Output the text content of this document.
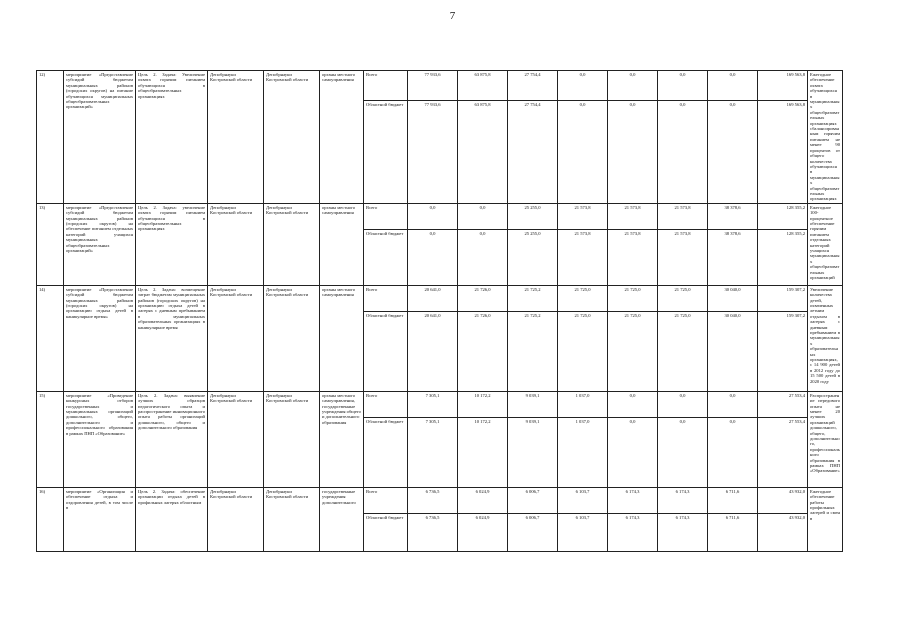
7
12)	мероприятие «Предоставление субсидий бюджетам муниципальных районов (городских округов) на питание обучающихся муниципальных общеобразовательных организаций»	Цель 2. Задача: Увеличение охвата горячим питанием обучающихся в общеобразовательных организациях	Депобрнауки Костромской области	Депобрнауки Костромской области	органы местного самоуправления	Всего	77 933,6	63 875,8	27 754,4	0,0	0,0	0,0	0,0	169 563,8	Ежегодное обеспечение охвата обучающихся в муниципальных общеобразовательных организациях сбалансированным горячим питанием не менее 90 процентов от общего количества обучающихся в муниципальных общеобразовательных организациях
						Областной бюджет	77 933,6	63 875,8	27 754,4	0,0	0,0	0,0	0,0	169 563,8	
13)	мероприятие «Предоставление субсидий бюджетам муниципальных районов (городских округов) на обеспечение питанием отдельных категорий учащихся муниципальных общеобразовательных организаций»	Цель 2. Задача: увеличение охвата горячим питанием обучающихся в общеобразовательных организациях	Депобрнауки Костромской области	Депобрнауки Костромской области	органы местного самоуправления	Всего	0,0	0,0	25 255,0	21 573,8	21 573,8	21 573,8	38 378,6	128 355,2	Ежегодное 100-процентное обеспечение горячим питанием отдельных категорий учащихся муниципальных общеобразовательных организаций
						Областной бюджет	0,0	0,0	25 255,0	21 573,8	21 573,8	21 573,8	38 378,6	128 355,2	
14)	мероприятие «Предоставление субсидий бюджетам муниципальных районов (городских округов) на организацию отдыха детей в каникулярное время»	Цель 2. Задача: возмещение затрат бюджетам муниципальных районов (городских округов) на организацию отдыха детей в лагерях с дневным пребыванием в муниципальных образовательных организациях в каникулярное время	Депобрнауки Костромской области	Депобрнауки Костромской области	органы местного самоуправления	Всего	20 641,0	21 726,0	21 725,2	21 725,0	21 725,0	21 725,0	30 040,0	159 307,2	Увеличение количества детей, охваченных летним отдыхом в лагерях с дневным пребыванием в муниципальных образовательных организациях, с 14 900 детей в 2012 году до 15 500 детей в 2020 году
						Областной бюджет	20 641,0	21 726,0	21 725,2	21 725,0	21 725,0	21 725,0	30 040,0	159 307,2	
15)	мероприятие «Проведение конкурсных отборов государственных и муниципальных организаций дошкольного, общего, дополнительного и профессионального образования в рамках ПНП «Образование»	Цель 2. Задача: выявление лучших образцов педагогического опыта и распространение инновационного опыта работы организаций дошкольного, общего и дополнительного образования	Депобрнауки Костромской области	Депобрнауки Костромской области	органы местного самоуправления, государственные учреждения общего и дополнительного образования	Всего	7 305,1	10 172,2	9 039,1	1 037,0	0,0	0,0	0,0	27 553,4	Распространение передового опыта не менее 20 лучших организаций дошкольного, общего, дополнительного, профессионального образования в рамках ПНП «Образование»
						Областной бюджет	7 305,1	10 172,2	9 039,1	1 037,0	0,0	0,0	0,0	27 553,4	
16)	мероприятие «Организация и обеспечение отдыха и оздоровления детей, в том числе в	Цель 2. Задача: обеспечение организации отдыха детей в профильных лагерях областным	Депобрнауки Костромской области	Депобрнауки Костромской области	государственные учреждения дополнительного	Всего	6 736,5	6 024,9	6 006,7	6 103,7	6 174,3	6 174,3	6 711,6	43 932,0	Ежегодное обеспечение работы профильных лагерей и смен в
						Областной бюджет	6 736,5	6 024,9	6 006,7	6 103,7	6 174,3	6 174,3	6 711,6	43 932,0	
